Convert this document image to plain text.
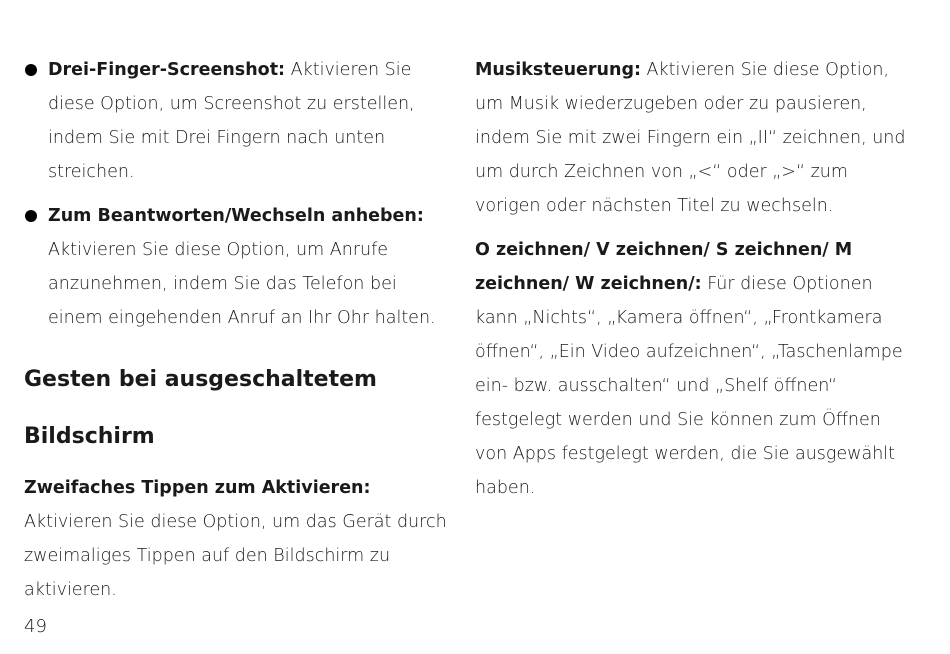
Drei-Finger-Screenshot: Aktivieren Sie diese Option, um Screenshot zu erstellen, indem Sie mit Drei Fingern nach unten streichen.

Zum Beantworten/Wechseln anheben: Aktivieren Sie diese Option, um Anrufe anzunehmen, indem Sie das Telefon bei einem eingehenden Anruf an Ihr Ohr halten.

Gesten bei ausgeschaltetem
Bildschirm

Zweifaches Tippen zum Aktivieren: Aktivieren Sie diese Option, um das Gerät durch zweimaliges Tippen auf den Bildschirm zu aktivieren.

Musiksteuerung: Aktivieren Sie diese Option, um Musik wiederzugeben oder zu pausieren, indem Sie mit zwei Fingern ein „II“ zeichnen, und um durch Zeichnen von „<“ oder „>“ zum vorigen oder nächsten Titel zu wechseln.

O zeichnen/ V zeichnen/ S zeichnen/ M zeichnen/ W zeichnen/: Für diese Optionen kann „Nichts“, „Kamera öffnen“, „Frontkamera öffnen“, „Ein Video aufzeichnen“, „Taschenlampe ein- bzw. ausschalten“ und „Shelf öffnen“ festgelegt werden und Sie können zum Öffnen von Apps festgelegt werden, die Sie ausgewählt haben.

49
